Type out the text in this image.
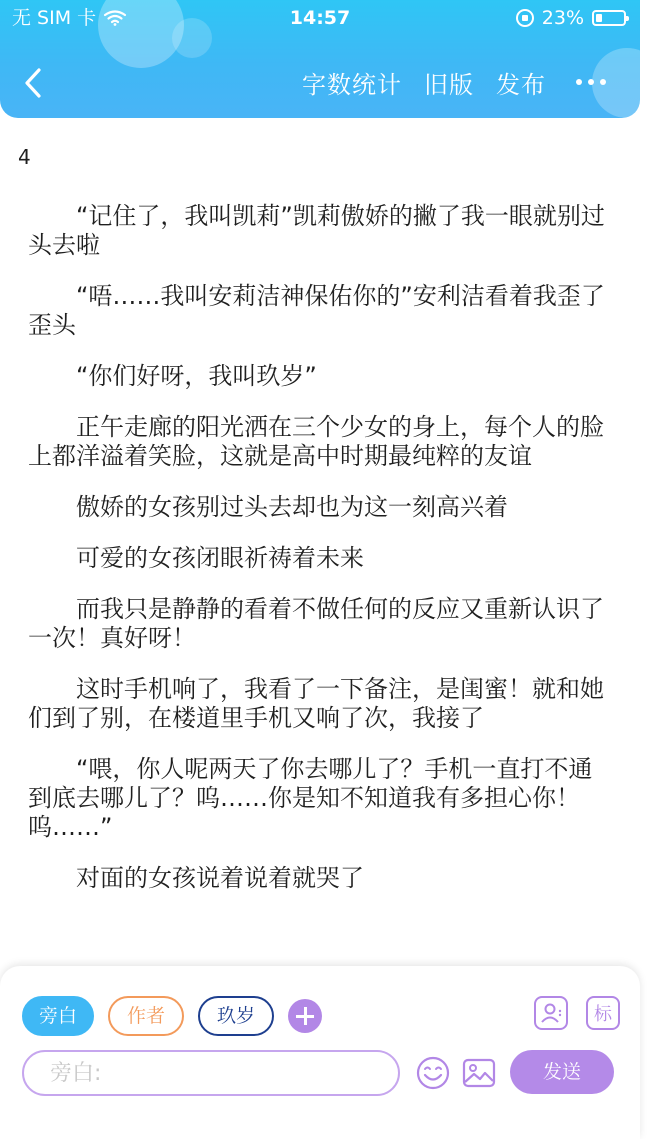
无 SIM 卡	14:57	23%
字数统计 旧版 发布
4

“记住了，我叫凯莉”凯莉傲娇的撇了我一眼就别过头去啦

“唔……我叫安莉洁神保佑你的”安利洁看着我歪了歪头

“你们好呀，我叫玖岁”

正午走廊的阳光洒在三个少女的身上，每个人的脸上都洋溢着笑脸，这就是高中时期最纯粹的友谊

傲娇的女孩别过头去却也为这一刻高兴着

可爱的女孩闭眼祈祷着未来

而我只是静静的看着不做任何的反应又重新认识了一次！真好呀！

这时手机响了，我看了一下备注，是闺蜜！就和她们到了别，在楼道里手机又响了次，我接了

“喂，你人呢两天了你去哪儿了？手机一直打不通到底去哪儿了？呜……你是知不知道我有多担心你！呜……”

对面的女孩说着说着就哭了

旁白	作者	玖岁	标
旁白:
发送
